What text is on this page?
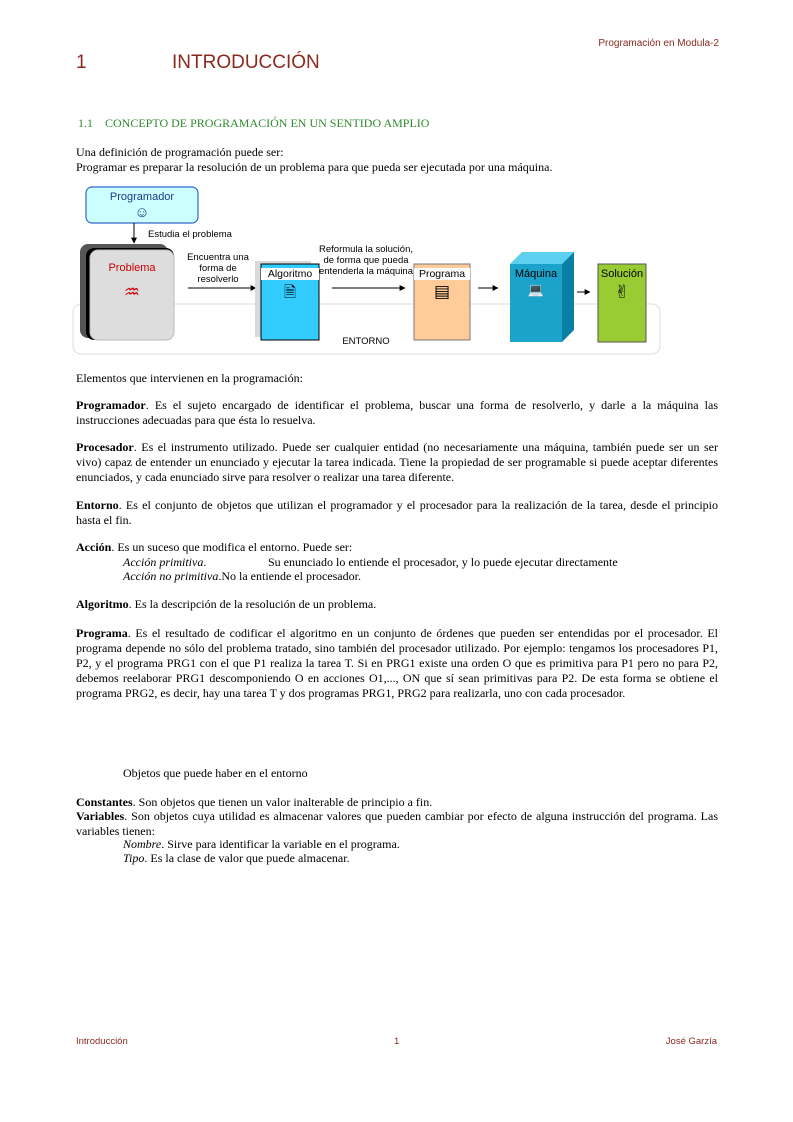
Programación en Modula-2
1	INTRODUCCIÓN
1.1 CONCEPTO DE PROGRAMACIÓN EN UN SENTIDO AMPLIO
Una definición de programación puede ser:
Programar es preparar la resolución de un problema para que pueda ser ejecutada por una máquina.
Programador
☺
Estudia el problema
Problema
♒
Encuentra una forma de resolverlo	Algoritmo
🗎
Reformula la solución, de forma que pueda entenderla la máquina Programa
▤
Máquina
💻
Solución
✌
ENTORNO
Elementos que intervienen en la programación:
Programador. Es el sujeto encargado de identificar el problema, buscar una forma de resolverlo, y darle a la máquina las instrucciones adecuadas para que ésta lo resuelva.
Procesador. Es el instrumento utilizado. Puede ser cualquier entidad (no necesariamente una máquina, también puede ser un ser vivo) capaz de entender un enunciado y ejecutar la tarea indicada. Tiene la propiedad de ser programable si puede aceptar diferentes enunciados, y cada enunciado sirve para resolver o realizar una tarea diferente.
Entorno. Es el conjunto de objetos que utilizan el programador y el procesador para la realización de la tarea, desde el principio hasta el fin.
Acción. Es un suceso que modifica el entorno. Puede ser:
Acción primitiva.	Su enunciado lo entiende el procesador, y lo puede ejecutar directamente
Acción no primitiva.No la entiende el procesador.
Algoritmo. Es la descripción de la resolución de un problema.
Programa. Es el resultado de codificar el algoritmo en un conjunto de órdenes que pueden ser entendidas por el procesador. El programa depende no sólo del problema tratado, sino también del procesador utilizado. Por ejemplo: tengamos los procesadores P1, P2, y el programa PRG1 con el que P1 realiza la tarea T. Si en PRG1 existe una orden O que es primitiva para P1 pero no para P2, debemos reelaborar PRG1 descomponiendo O en acciones O1,..., ON que sí sean primitivas para P2. De esta forma se obtiene el programa PRG2, es decir, hay una tarea T y dos programas PRG1, PRG2 para realizarla, uno con cada procesador.
Objetos que puede haber en el entorno
Constantes. Son objetos que tienen un valor inalterable de principio a fin.
Variables. Son objetos cuya utilidad es almacenar valores que pueden cambiar por efecto de alguna instrucción del programa. Las variables tienen:
Nombre. Sirve para identificar la variable en el programa.
Tipo. Es la clase de valor que puede almacenar.
Introducción	1	José Garzía
